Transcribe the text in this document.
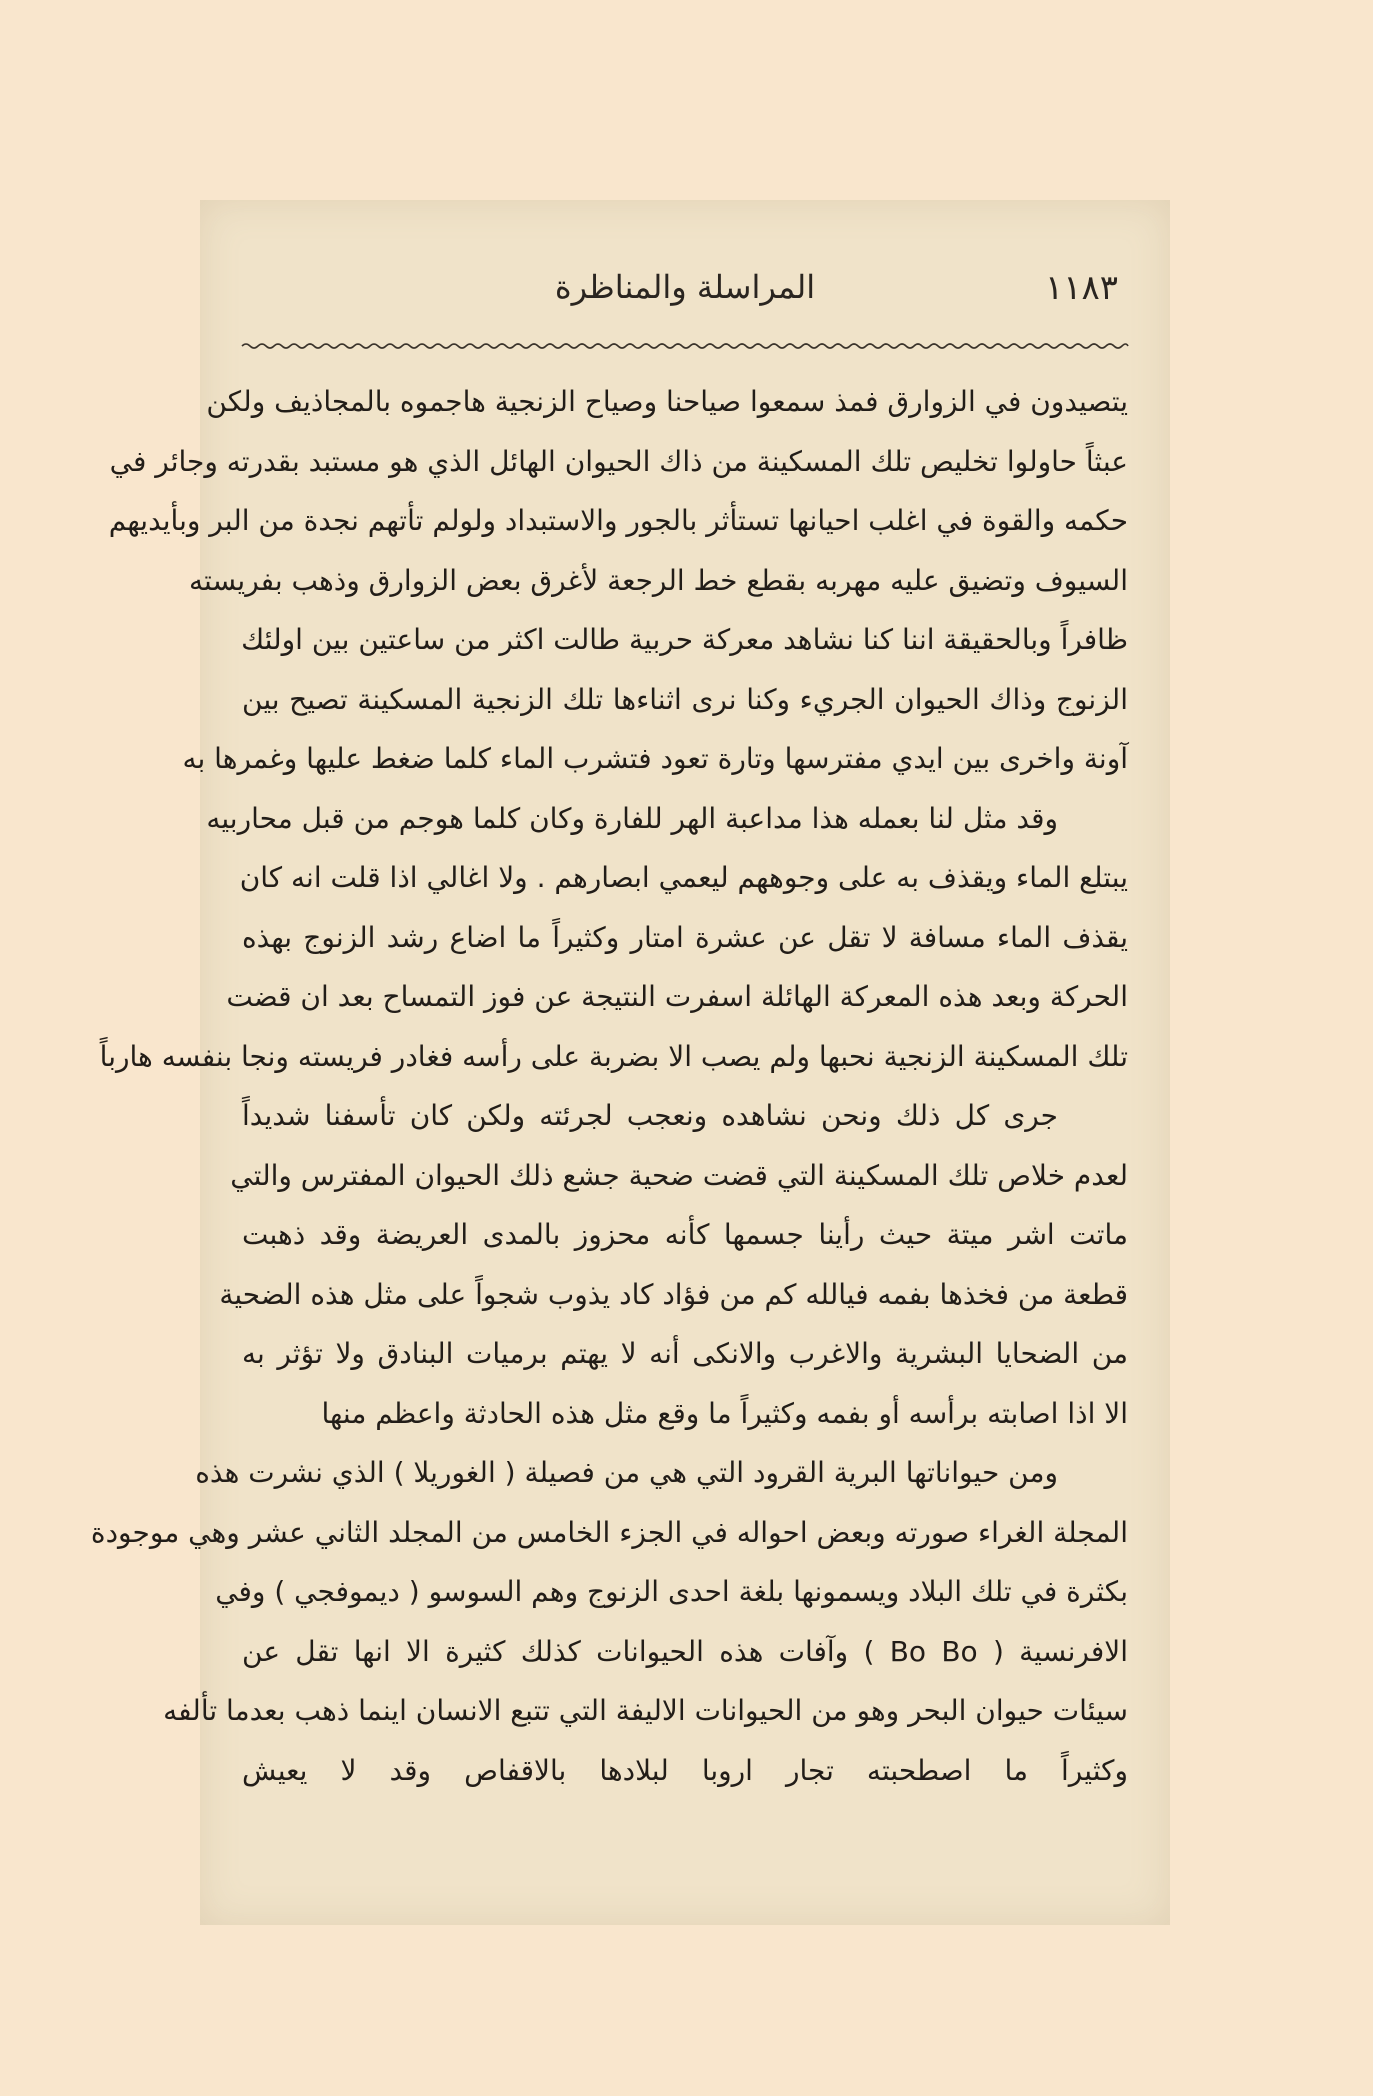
١١٨٣
المراسلة والمناظرة
يتصيدون في الزوارق فمذ سمعوا صياحنا وصياح الزنجية هاجموه بالمجاذيف ولكن
عبثاً حاولوا تخليص تلك المسكينة من ذاك الحيوان الهائل الذي هو مستبد بقدرته وجائر في
حكمه والقوة في اغلب احيانها تستأثر بالجور والاستبداد ولولم تأتهم نجدة من البر وبأيديهم
السيوف وتضيق عليه مهربه بقطع خط الرجعة لأغرق بعض الزوارق وذهب بفريسته
ظافراً وبالحقيقة اننا كنا نشاهد معركة حربية طالت اكثر من ساعتين بين اولئك
الزنوج وذاك الحيوان الجريء وكنا نرى اثناءها تلك الزنجية المسكينة تصيح بين
آونة واخرى بين ايدي مفترسها وتارة تعود فتشرب الماء كلما ضغط عليها وغمرها به
وقد مثل لنا بعمله هذا مداعبة الهر للفارة وكان كلما هوجم من قبل محاربيه
يبتلع الماء ويقذف به على وجوههم ليعمي ابصارهم . ولا اغالي اذا قلت انه كان
يقذف الماء مسافة لا تقل عن عشرة امتار وكثيراً ما اضاع رشد الزنوج بهذه
الحركة وبعد هذه المعركة الهائلة اسفرت النتيجة عن فوز التمساح بعد ان قضت
تلك المسكينة الزنجية نحبها ولم يصب الا بضربة على رأسه فغادر فريسته ونجا بنفسه هارباً
جرى كل ذلك ونحن نشاهده ونعجب لجرئته ولكن كان تأسفنا شديداً
لعدم خلاص تلك المسكينة التي قضت ضحية جشع ذلك الحيوان المفترس والتي
ماتت اشر ميتة حيث رأينا جسمها كأنه محزوز بالمدى العريضة وقد ذهبت
قطعة من فخذها بفمه فيالله كم من فؤاد كاد يذوب شجواً على مثل هذه الضحية
من الضحايا البشرية والاغرب والانكى أنه لا يهتم برميات البنادق ولا تؤثر به
الا اذا اصابته برأسه أو بفمه وكثيراً ما وقع مثل هذه الحادثة واعظم منها
ومن حيواناتها البرية القرود التي هي من فصيلة ( الغوريلا ) الذي نشرت هذه
المجلة الغراء صورته وبعض احواله في الجزء الخامس من المجلد الثاني عشر وهي موجودة
بكثرة في تلك البلاد ويسمونها بلغة احدى الزنوج وهم السوسو ( ديموفجي ) وفي
الافرنسية ( Bo Bo ) وآفات هذه الحيوانات كذلك كثيرة الا انها تقل عن
سيئات حيوان البحر وهو من الحيوانات الاليفة التي تتبع الانسان اينما ذهب بعدما تألفه
وكثيراً ما اصطحبته تجار اروبا لبلادها بالاقفاص وقد لا يعيش
